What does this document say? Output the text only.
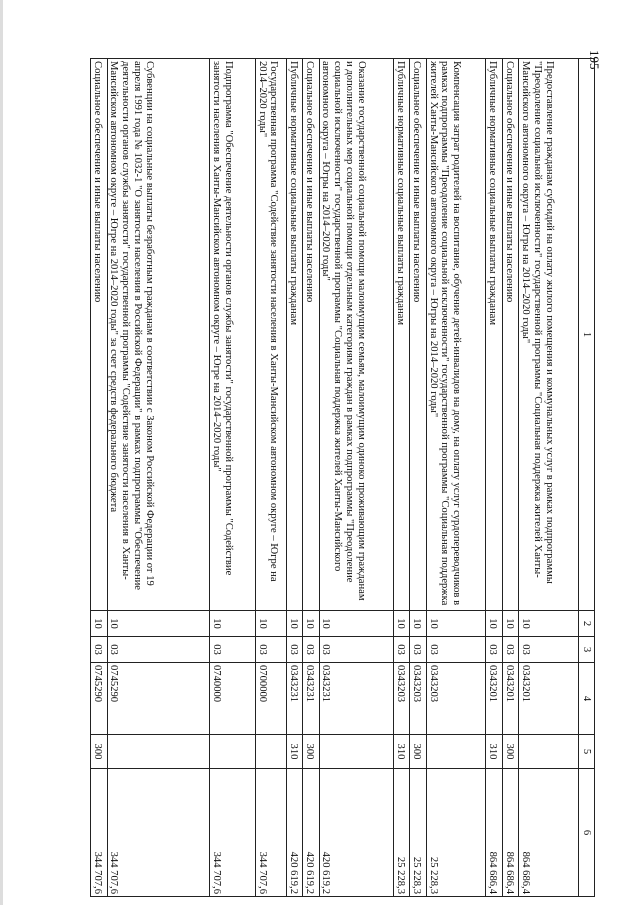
195
1	2	3	4	5	6
Предоставление гражданам субсидий на оплату жилого помещения и коммунальных услуг в рамках подпрограммы "Преодоление социальной исключенности" государственной программы "Социальная поддержка жителей Ханты-Мансийского автономного округа – Югры на 2014–2020 годы"	10	03	0343201		864 686,4
Социальное обеспечение и иные выплаты населению	10	03	0343201	300	864 686,4
Публичные нормативные социальные выплаты гражданам	10	03	0343201	310	864 686,4
Компенсация затрат родителей на воспитание, обучение детей-инвалидов на дому, на оплату услуг сурдопереводчиков в рамках подпрограммы "Преодоление социальной исключенности" государственной программы "Социальная поддержка жителей Ханты-Мансийского автономного округа – Югры на 2014–2020 годы"	10	03	0343203		25 228,3
Социальное обеспечение и иные выплаты населению	10	03	0343203	300	25 228,3
Публичные нормативные социальные выплаты гражданам	10	03	0343203	310	25 228,3
Оказание государственной социальной помощи малоимущим семьям, малоимущим одиноко проживающим гражданам и дополнительных мер социальной помощи отдельным категориям граждан в рамках подпрограммы "Преодоление социальной исключенности" государственной программы "Социальная поддержка жителей Ханты-Мансийского автономного округа – Югры на 2014–2020 годы"	10	03	0343231		420 619,2
Социальное обеспечение и иные выплаты населению	10	03	0343231	300	420 619,2
Публичные нормативные социальные выплаты гражданам	10	03	0343231	310	420 619,2
Государственная программа "Содействие занятости населения в Ханты-Мансийском автономном округе – Югре на 2014–2020 годы"	10	03	0700000		344 707,6
Подпрограмма "Обеспечение деятельности органов службы занятости" государственной программы "Содействие занятости населения в Ханты-Мансийском автономном округе – Югре на 2014–2020 годы"	10	03	0740000		344 707,6
Субвенции на социальные выплаты безработным гражданам в соответствии с Законом Российской Федерации от 19 апреля 1991 года № 1032-1 "О занятости населения в Российской Федерации" в рамках подпрограммы "Обеспечение деятельности органов службы занятости" государственной программы "Содействие занятости населения в Ханты-Мансийском автономном округе – Югре на 2014–2020 годы" за счет средств федерального бюджета	10	03	0745290		344 707,6
Социальное обеспечение и иные выплаты населению	10	03	0745290	300	344 707,6
